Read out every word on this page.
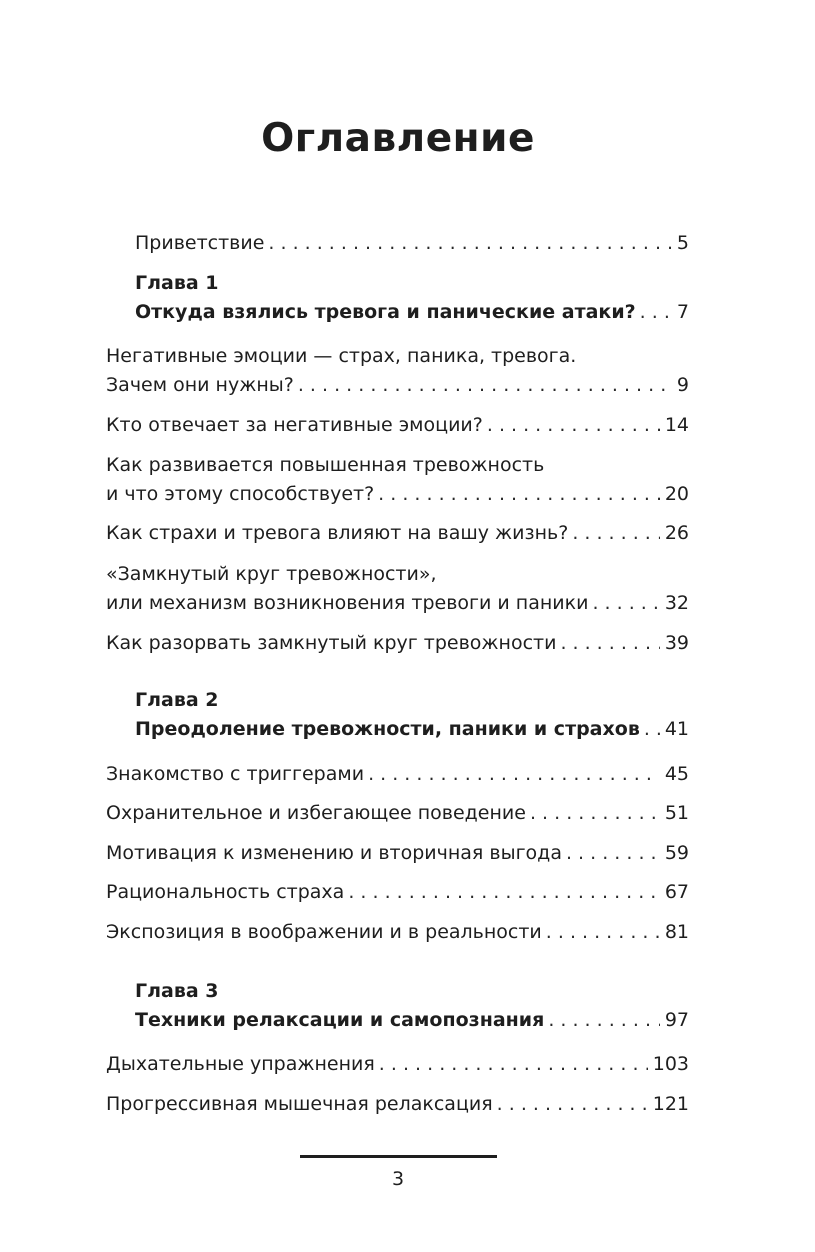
Оглавление
Приветствие . . .	5
Глава 1
Откуда взялись тревога и панические атаки? . . . 7
Негативные эмоции — страх, паника, тревога.
Зачем они нужны? . . .	9
Кто отвечает за негативные эмоции? . . .	14
Как развивается повышенная тревожность
и что этому способствует? . . .	20
Как страхи и тревога влияют на вашу жизнь? . . .	26
«Замкнутый круг тревожности»,
или механизм возникновения тревоги и паники . . .	32
Как разорвать замкнутый круг тревожности . . .	39
Глава 2
Преодоление тревожности, паники и страхов . . . 41
Знакомство с триггерами . . .	45
Охранительное и избегающее поведение . . .	51
Мотивация к изменению и вторичная выгода . . .	59
Рациональность страха . . .	67
Экспозиция в воображении и в реальности . . .	81
Глава 3
Техники релаксации и самопознания . . .	97
Дыхательные упражнения . . .	103
Прогрессивная мышечная релаксация . . .	121
3
